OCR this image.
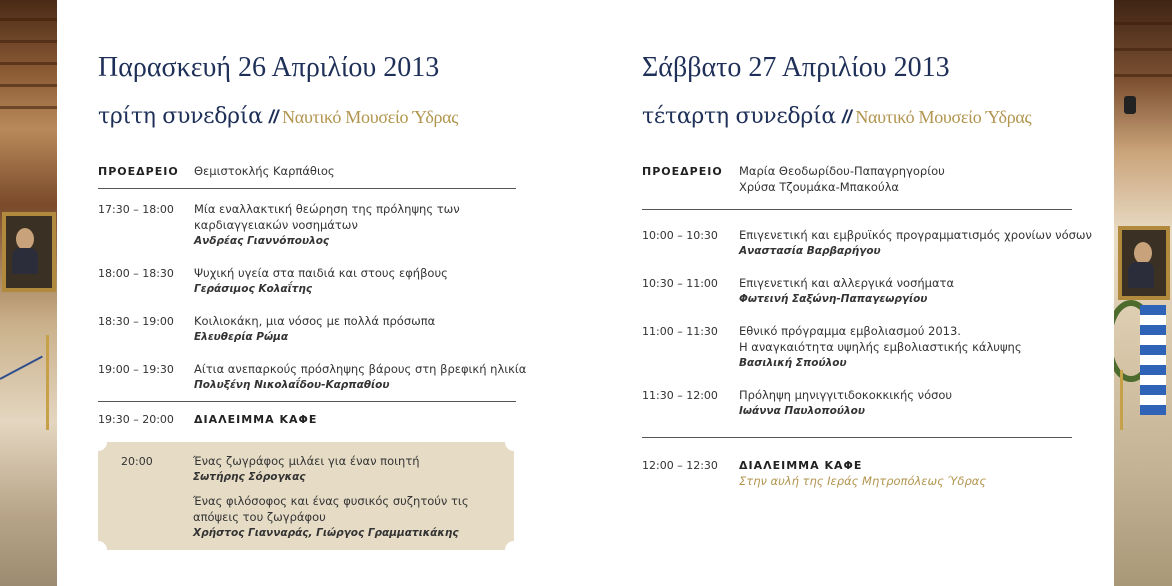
Παρασκευή 26 Απριλίου 2013
τρίτη συνεδρία // Ναυτικό Μουσείο Ύδρας
ΠΡΟΕΔΡΕΙΟ Θεμιστοκλής Καρπάθιος
17:30 – 18:00 Μία εναλλακτική θεώρηση της πρόληψης των
καρδιαγγειακών νοσημάτων
Ανδρέας Γιαννόπουλος
18:00 – 18:30 Ψυχική υγεία στα παιδιά και στους εφήβους
Γεράσιμος Κολαΐτης
18:30 – 19:00 Κοιλιοκάκη, μια νόσος με πολλά πρόσωπα
Ελευθερία Ρώμα
19:00 – 19:30 Αίτια ανεπαρκούς πρόσληψης βάρους στη βρεφική ηλικία
Πολυξένη Νικολαΐδου-Καρπαθίου
19:30 – 20:00 ΔΙΑΛΕΙΜΜΑ ΚΑΦΕ
20:00	Ένας ζωγράφος μιλάει για έναν ποιητή
Σωτήρης Σόρογκας
Ένας φιλόσοφος και ένας φυσικός συζητούν τις
απόψεις του ζωγράφου
Χρήστος Γιανναράς, Γιώργος Γραμματικάκης
Σάββατο 27 Απριλίου 2013
τέταρτη συνεδρία // Ναυτικό Μουσείο Ύδρας
ΠΡΟΕΔΡΕΙΟ Μαρία Θεοδωρίδου-Παπαγρηγορίου
Χρύσα Τζουμάκα-Μπακούλα
10:00 – 10:30 Επιγενετική και εμβρυϊκός προγραμματισμός χρονίων νόσων
Αναστασία Βαρβαρήγου
10:30 – 11:00 Επιγενετική και αλλεργικά νοσήματα
Φωτεινή Σαξώνη-Παπαγεωργίου
11:00 – 11:30 Εθνικό πρόγραμμα εμβολιασμού 2013.
Η αναγκαιότητα υψηλής εμβολιαστικής κάλυψης
Βασιλική Σπούλου
11:30 – 12:00 Πρόληψη μηνιγγιτιδοκοκκικής νόσου
Ιωάννα Παυλοπούλου
12:00 – 12:30 ΔΙΑΛΕΙΜΜΑ ΚΑΦΕ
Στην αυλή της Ιεράς Μητροπόλεως Ύδρας
